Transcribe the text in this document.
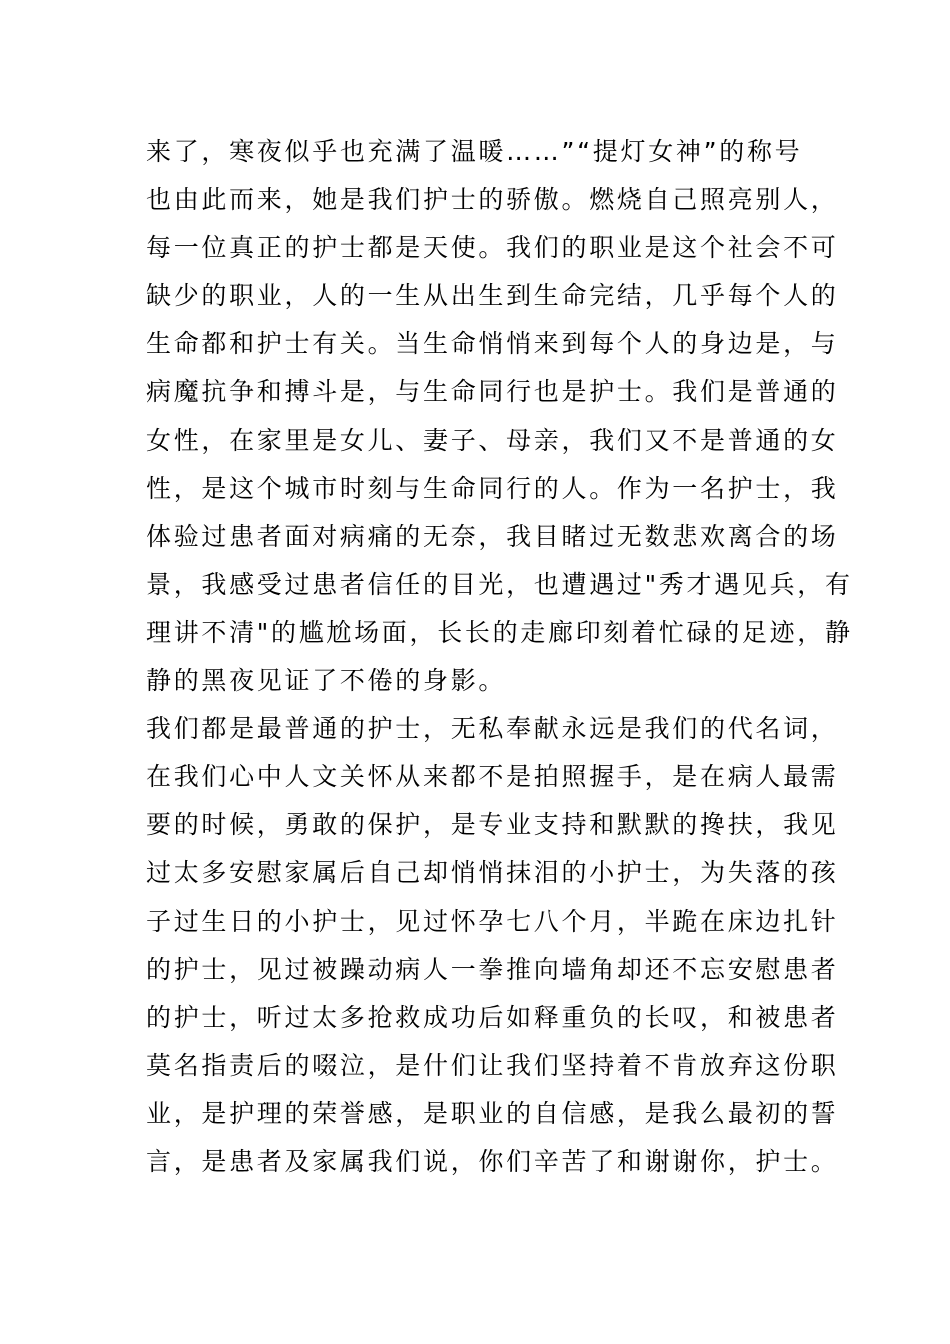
来了，寒夜似乎也充满了温暖……”“提灯女神”的称号
也由此而来，她是我们护士的骄傲。燃烧自己照亮别人，
每一位真正的护士都是天使。我们的职业是这个社会不可
缺少的职业，人的一生从出生到生命完结，几乎每个人的
生命都和护士有关。当生命悄悄来到每个人的身边是，与
病魔抗争和搏斗是，与生命同行也是护士。我们是普通的
女性，在家里是女儿、妻子、母亲，我们又不是普通的女
性，是这个城市时刻与生命同行的人。作为一名护士，我
体验过患者面对病痛的无奈，我目睹过无数悲欢离合的场
景，我感受过患者信任的目光，也遭遇过"秀才遇见兵，有
理讲不清"的尴尬场面，长长的走廊印刻着忙碌的足迹，静
静的黑夜见证了不倦的身影。
我们都是最普通的护士，无私奉献永远是我们的代名词，
在我们心中人文关怀从来都不是拍照握手，是在病人最需
要的时候，勇敢的保护，是专业支持和默默的搀扶，我见
过太多安慰家属后自己却悄悄抹泪的小护士，为失落的孩
子过生日的小护士，见过怀孕七八个月，半跪在床边扎针
的护士，见过被躁动病人一拳推向墙角却还不忘安慰患者
的护士，听过太多抢救成功后如释重负的长叹，和被患者
莫名指责后的啜泣，是什们让我们坚持着不肯放弃这份职
业，是护理的荣誉感，是职业的自信感，是我么最初的誓
言，是患者及家属我们说，你们辛苦了和谢谢你，护士。
